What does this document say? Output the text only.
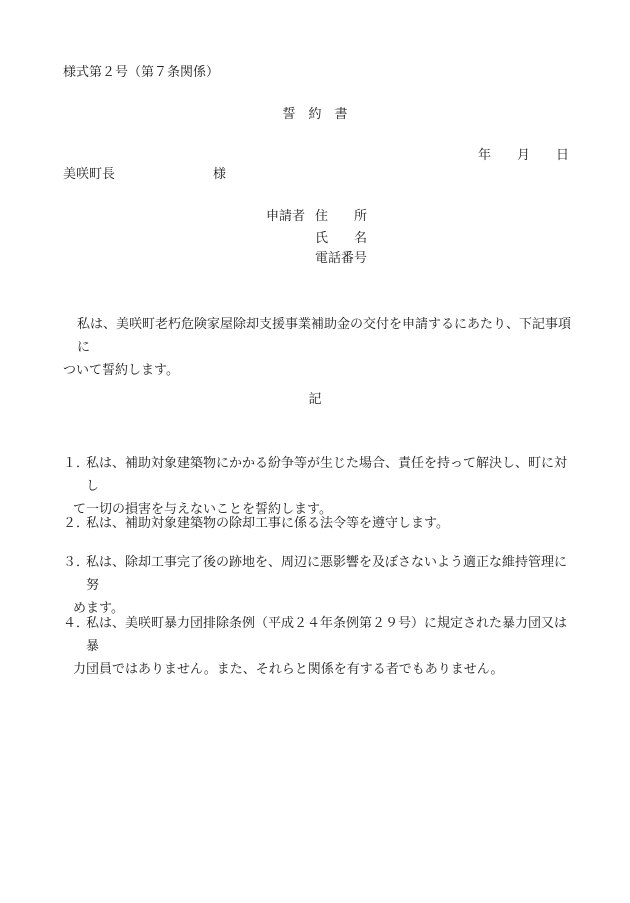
様式第２号（第７条関係）
誓　約　書
年 月 日
美咲町長	様
申請者 住　　所
氏　　名
電話番号

私は、美咲町老朽危険家屋除却支援事業補助金の交付を申請するにあたり、下記事項に

ついて誓約します。

記
１．
私は、補助対象建築物にかかる紛争等が生じた場合、責任を持って解決し、町に対し
て一切の損害を与えないことを誓約します。
２．
私は、補助対象建築物の除却工事に係る法令等を遵守します。
３．
私は、除却工事完了後の跡地を、周辺に悪影響を及ぼさないよう適正な維持管理に努
めます。
４．
私は、美咲町暴力団排除条例（平成２４年条例第２９号）に規定された暴力団又は暴
力団員ではありません。また、それらと関係を有する者でもありません。
